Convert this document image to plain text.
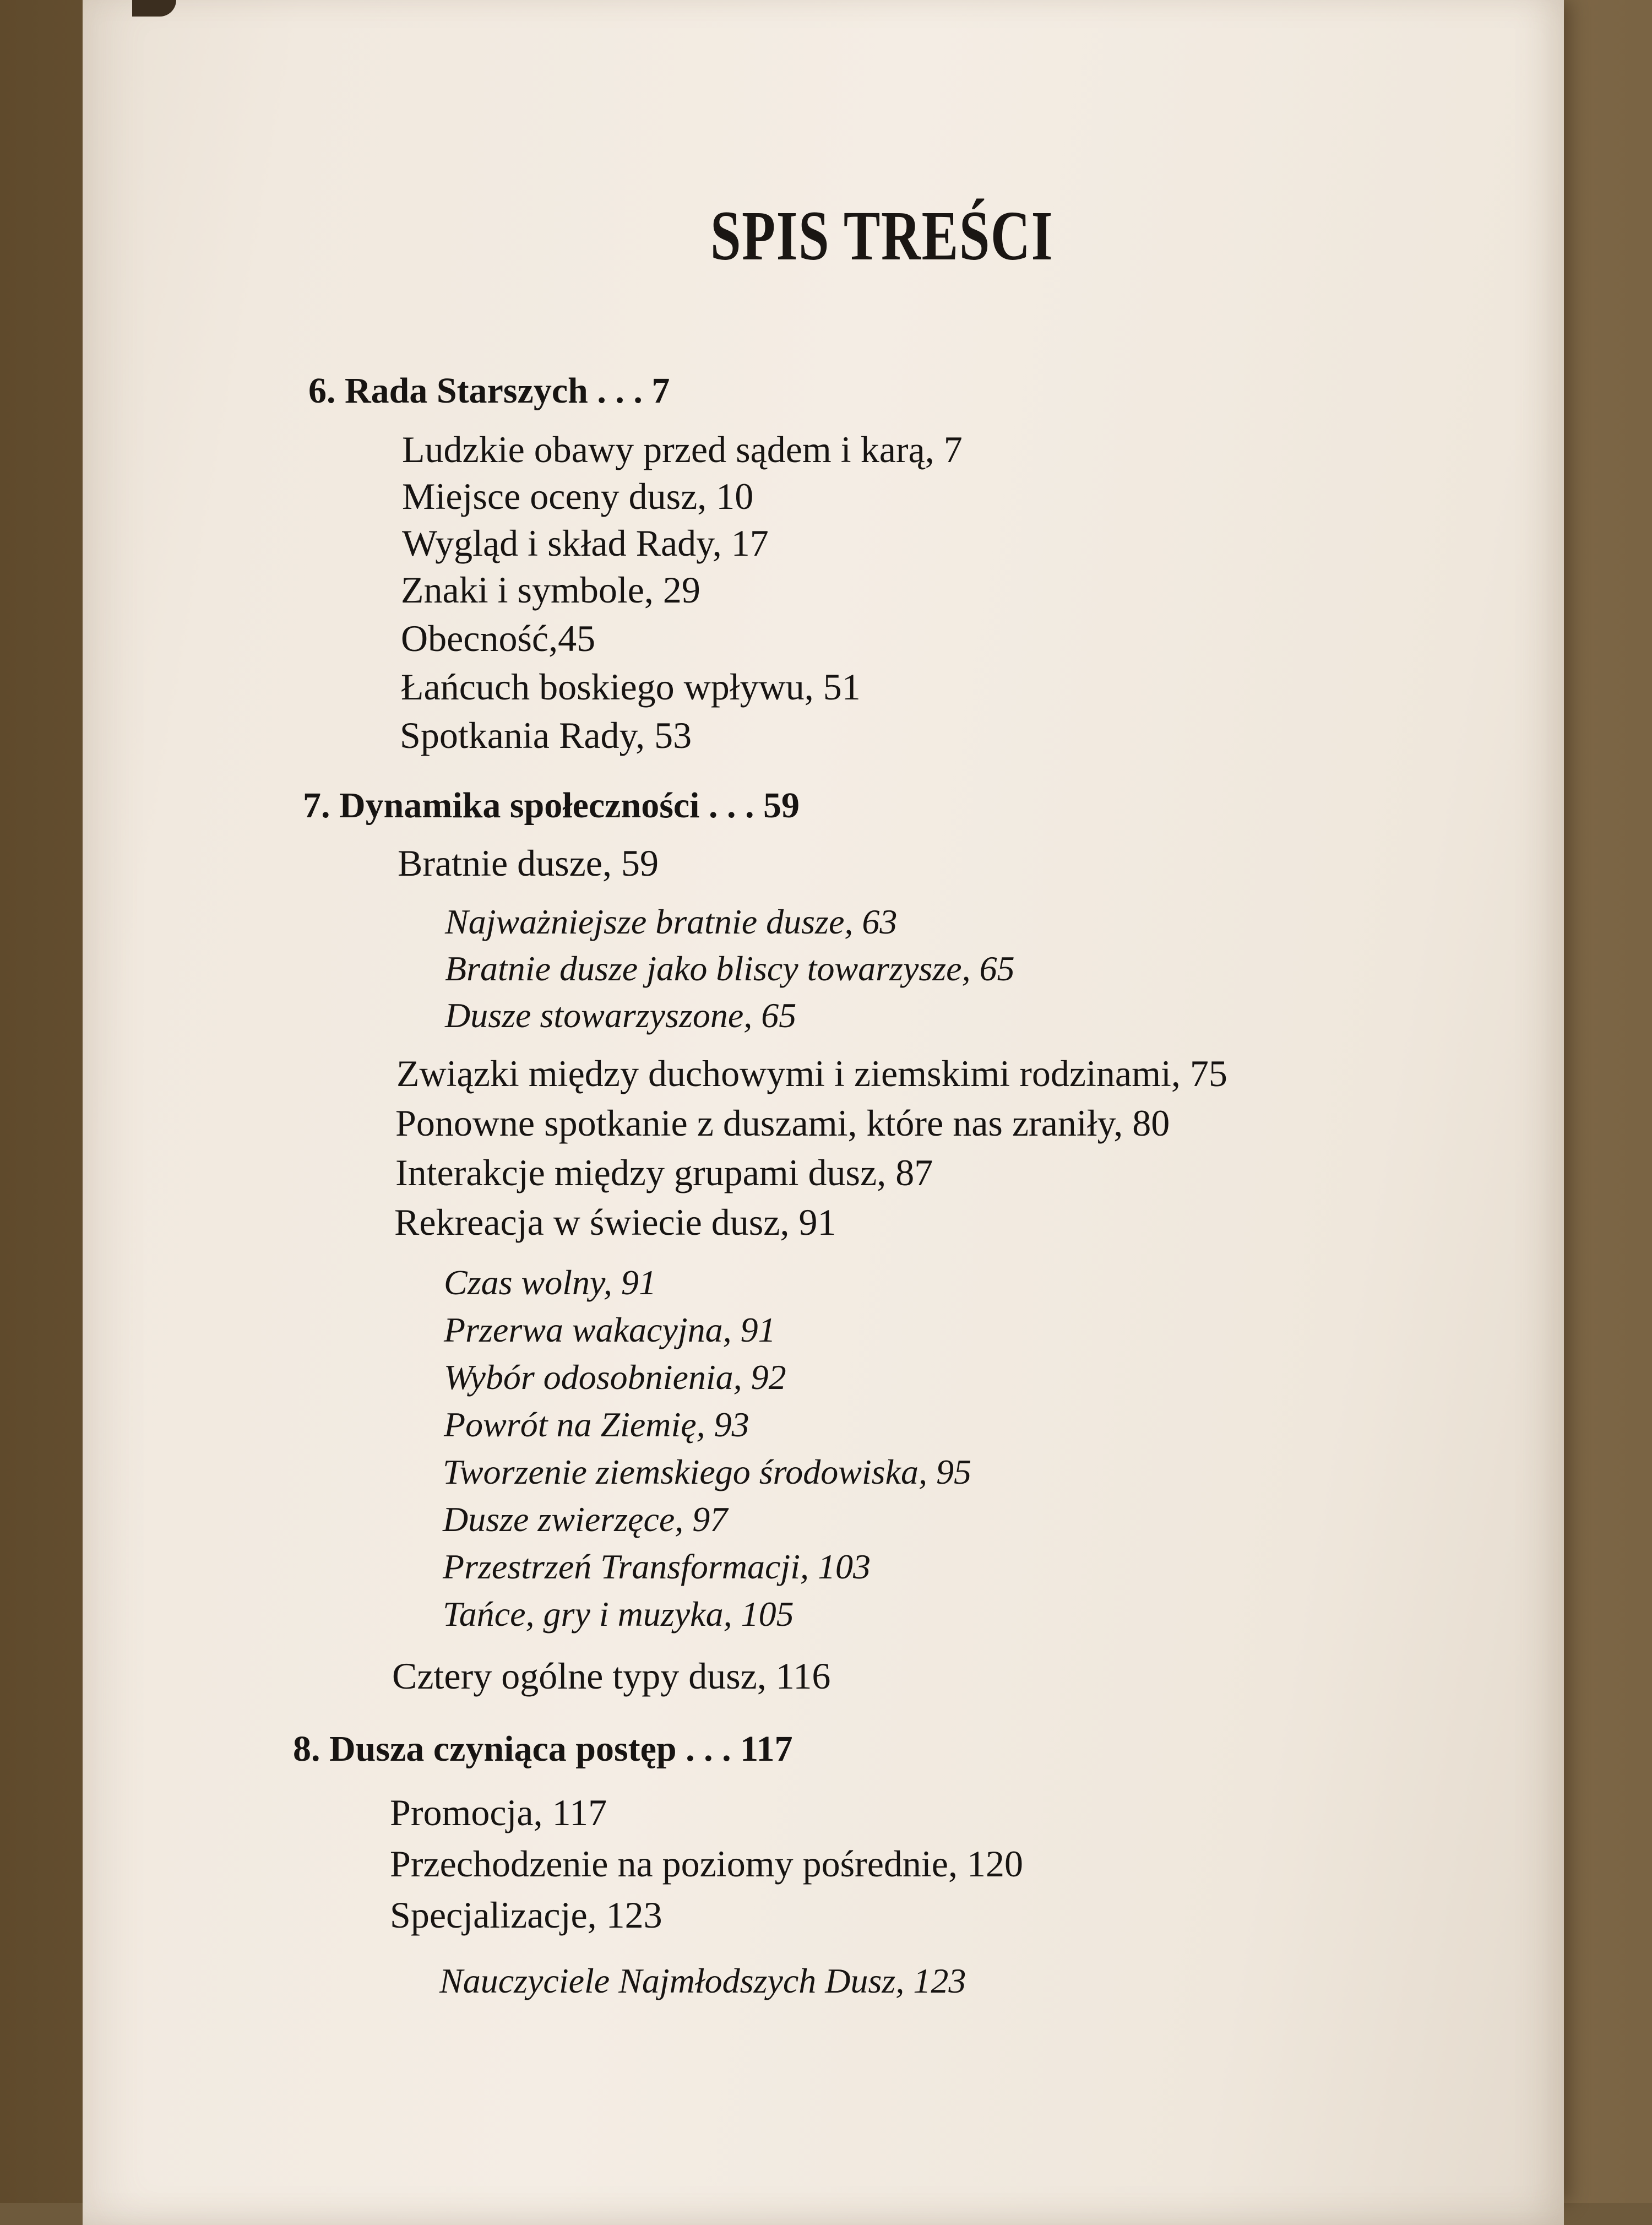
SPIS TREŚCI
6. Rada Starszych . . . 7
Ludzkie obawy przed sądem i karą, 7
Miejsce oceny dusz, 10
Wygląd i skład Rady, 17
Znaki i symbole, 29
Obecność,45
Łańcuch boskiego wpływu, 51
Spotkania Rady, 53
7. Dynamika społeczności . . . 59
Bratnie dusze, 59
Najważniejsze bratnie dusze, 63
Bratnie dusze jako bliscy towarzysze, 65
Dusze stowarzyszone, 65
Związki między duchowymi i ziemskimi rodzinami, 75
Ponowne spotkanie z duszami, które nas zraniły, 80
Interakcje między grupami dusz, 87
Rekreacja w świecie dusz, 91
Czas wolny, 91
Przerwa wakacyjna, 91
Wybór odosobnienia, 92
Powrót na Ziemię, 93
Tworzenie ziemskiego środowiska, 95
Dusze zwierzęce, 97
Przestrzeń Transformacji, 103
Tańce, gry i muzyka, 105
Cztery ogólne typy dusz, 116
8. Dusza czyniąca postęp . . . 117
Promocja, 117
Przechodzenie na poziomy pośrednie, 120
Specjalizacje, 123
Nauczyciele Najmłodszych Dusz, 123
